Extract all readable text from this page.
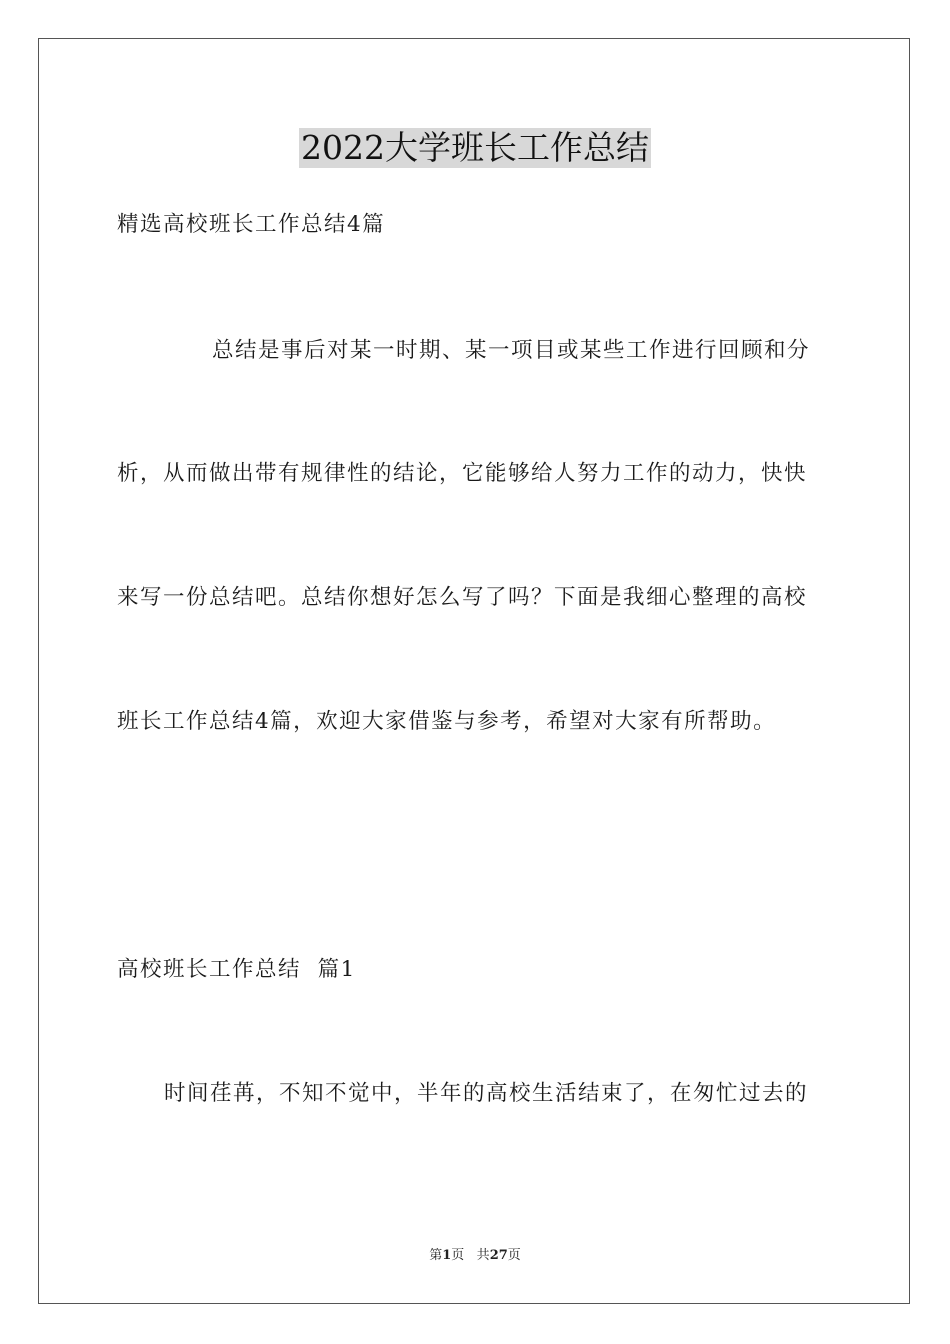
2022大学班长工作总结
精选高校班长工作总结4篇
总结是事后对某一时期、某一项目或某些工作进行回顾和分
析，从而做出带有规律性的结论，它能够给人努力工作的动力，快快
来写一份总结吧。总结你想好怎么写了吗？下面是我细心整理的高校
班长工作总结4篇，欢迎大家借鉴与参考，希望对大家有所帮助。
高校班长工作总结  篇1
时间荏苒，不知不觉中，半年的高校生活结束了，在匆忙过去的
第1页 共27页
